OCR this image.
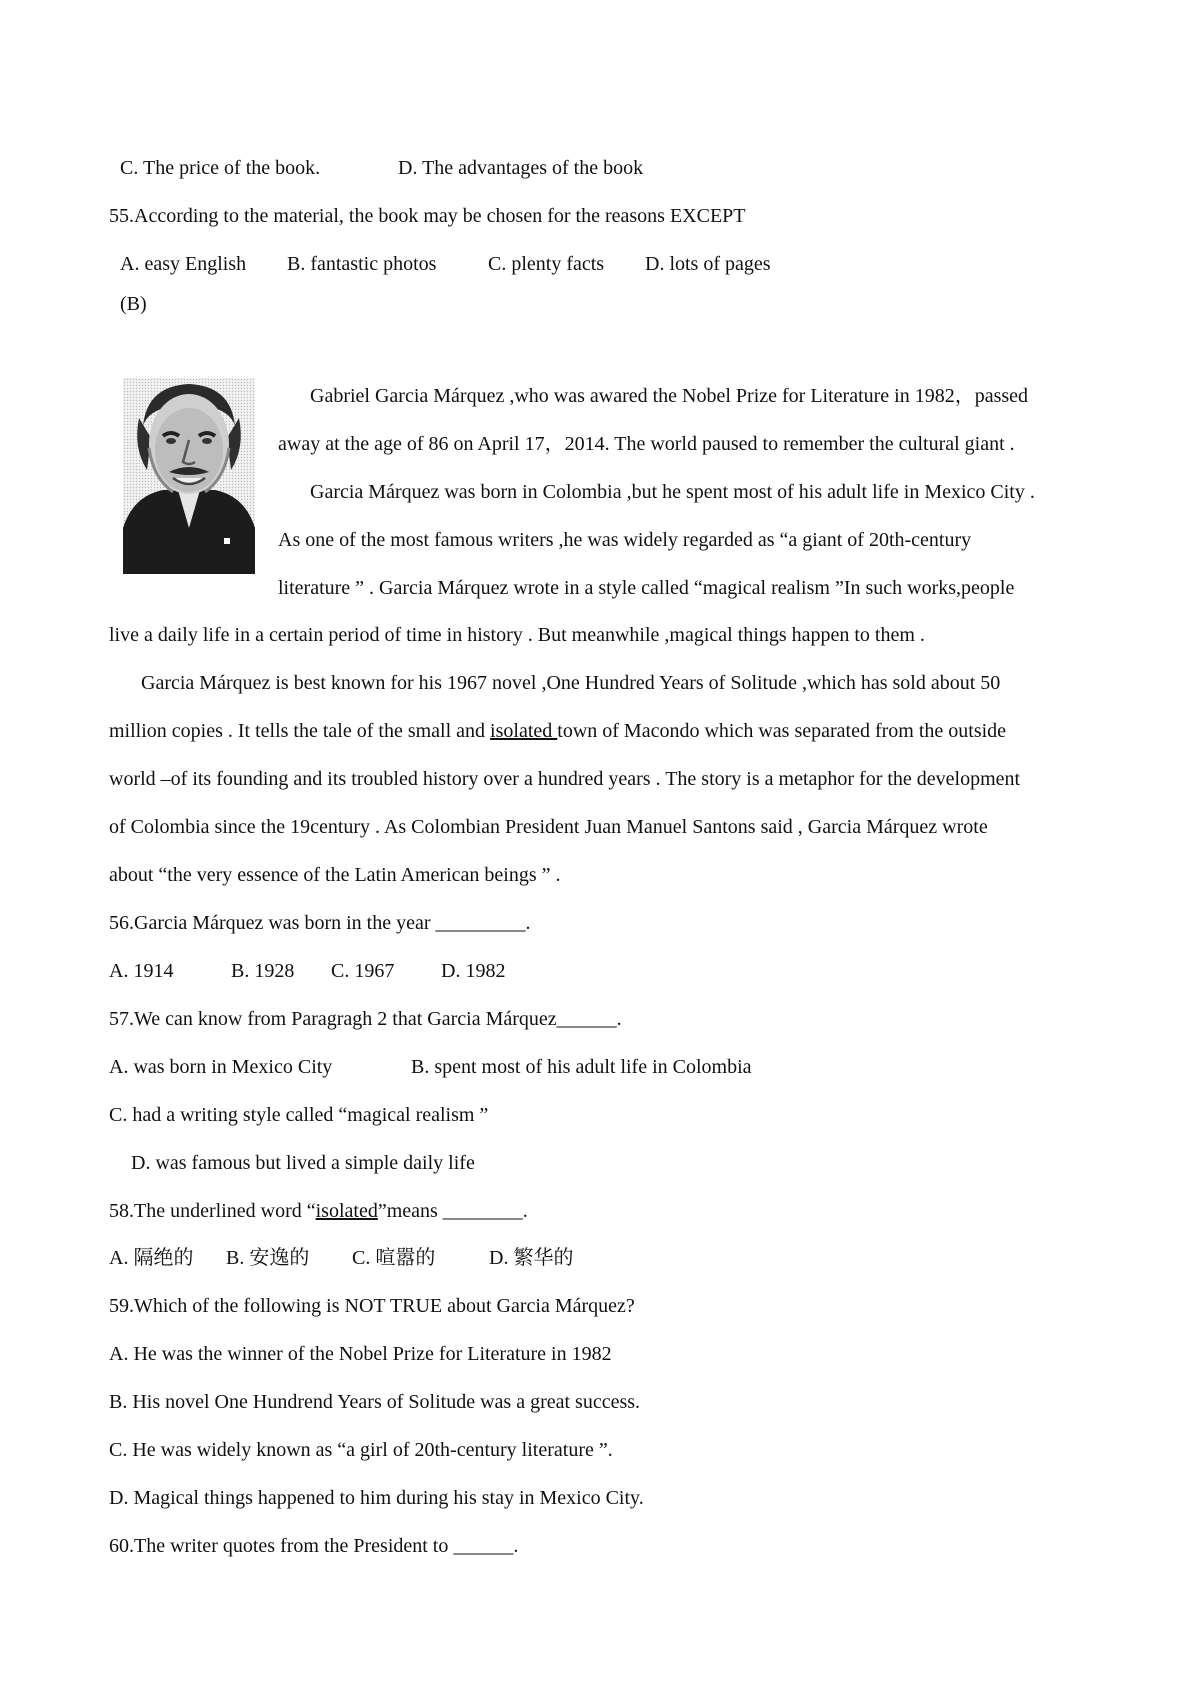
C. The price of the book.	D. The advantages of the book
55.According to the material, the book may be chosen for the reasons EXCEPT
A. easy English B. fantastic photos	C. plenty facts D. lots of pages
(B)
Gabriel Garcia Márquez ,who was awared the Nobel Prize for Literature in 1982，passed
away at the age of 86 on April 17，2014. The world paused to remember the cultural giant .
Garcia Márquez was born in Colombia ,but he spent most of his adult life in Mexico City .
As one of the most famous writers ,he was widely regarded as “a giant of 20th-century
literature ” . Garcia Márquez wrote in a style called “magical realism ”In such works,people
live a daily life in a certain period of time in history . But meanwhile ,magical things happen to them .
Garcia Márquez is best known for his 1967 novel ,One Hundred Years of Solitude ,which has sold about 50
million copies . It tells the tale of the small and isolated town of Macondo which was separated from the outside
world –of its founding and its troubled history over a hundred years . The story is a metaphor for the development
of Colombia since the 19century . As Colombian President Juan Manuel Santons said , Garcia Márquez wrote
about “the very essence of the Latin American beings ” .
56.Garcia Márquez was born in the year _________.
A. 1914	B. 1928 C. 1967 D. 1982
57.We can know from Paragragh 2 that Garcia Márquez______.
A. was born in Mexico City	B. spent most of his adult life in Colombia
C. had a writing style called “magical realism ”
D. was famous but lived a simple daily life
58.The underlined word “isolated”means ________.
A. 隔绝的 B. 安逸的 C. 喧嚣的	D. 繁华的
59.Which of the following is NOT TRUE about Garcia Márquez?
A. He was the winner of the Nobel Prize for Literature in 1982
B. His novel One Hundrend Years of Solitude was a great success.
C. He was widely known as “a girl of 20th-century literature ”.
D. Magical things happened to him during his stay in Mexico City.
60.The writer quotes from the President to ______.
